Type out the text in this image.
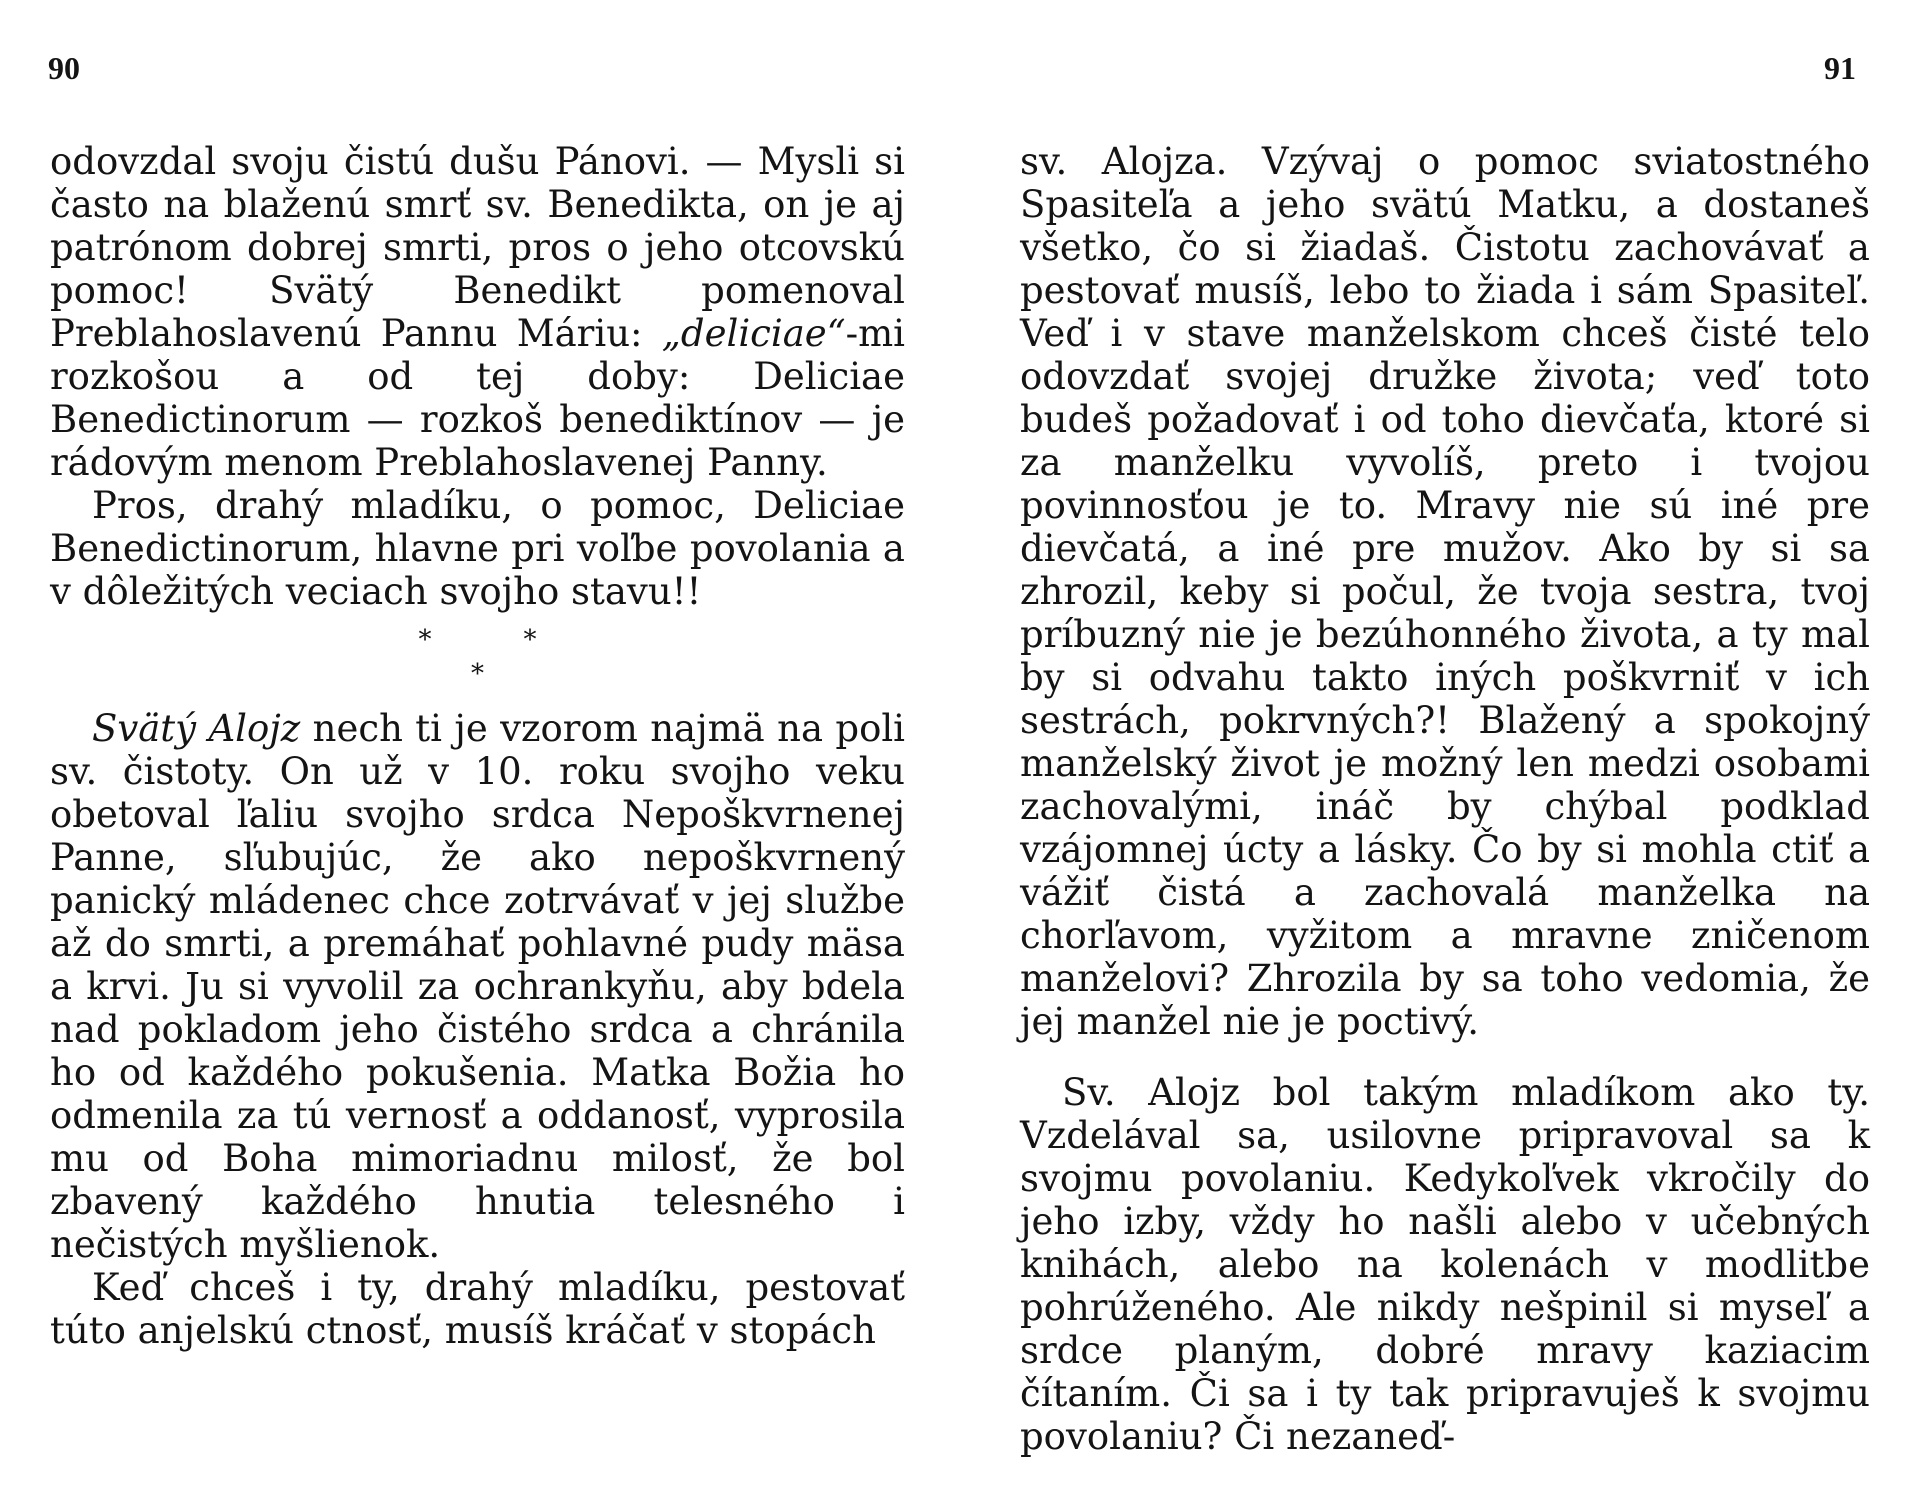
90	91

odovzdal svoju čistú dušu Pánovi. — Mysli si často na blaženú smrť sv. Benedikta, on je aj patrónom dobrej smrti, pros o jeho otcovskú pomoc! Svätý Benedikt pomenoval Preblahoslavenú Pannu Máriu: „deliciae“-mi rozkošou a od tej doby: Deliciae Benedictinorum — rozkoš benediktínov — je rádovým menom Preblahoslavenej Panny.

Pros, drahý mladíku, o pomoc, Deliciae Benedictinorum, hlavne pri voľbe povolania a v dôležitých veciach svojho stavu!!

*	*
*

Svätý Alojz nech ti je vzorom najmä na poli sv. čistoty. On už v 10. roku svojho veku obetoval ľaliu svojho srdca Nepoškvrnenej Panne, sľubujúc, že ako nepoškvrnený panický mládenec chce zotrvávať v jej službe až do smrti, a premáhať pohlavné pudy mäsa a krvi. Ju si vyvolil za ochrankyňu, aby bdela nad pokladom jeho čistého srdca a chránila ho od každého pokušenia. Matka Božia ho odmenila za tú vernosť a oddanosť, vyprosila mu od Boha mimoriadnu milosť, že bol zbavený každého hnutia telesného i nečistých myšlienok.

Keď chceš i ty, drahý mladíku, pestovať túto anjelskú ctnosť, musíš kráčať v stopách

sv. Alojza. Vzývaj o pomoc sviatostného Spasiteľa a jeho svätú Matku, a dostaneš všetko, čo si žiadaš. Čistotu zachovávať a pestovať musíš, lebo to žiada i sám Spasiteľ. Veď i v stave manželskom chceš čisté telo odovzdať svojej družke života; veď toto budeš požadovať i od toho dievčaťa, ktoré si za manželku vyvolíš, preto i tvojou povinnosťou je to. Mravy nie sú iné pre dievčatá, a iné pre mužov. Ako by si sa zhrozil, keby si počul, že tvoja sestra, tvoj príbuzný nie je bezúhonného života, a ty mal by si odvahu takto iných poškvrniť v ich sestrách, pokrvných?! Blažený a spokojný manželský život je možný len medzi osobami zachovalými, ináč by chýbal podklad vzájomnej úcty a lásky. Čo by si mohla ctiť a vážiť čistá a zachovalá manželka na chorľavom, vyžitom a mravne zničenom manželovi? Zhrozila by sa toho vedomia, že jej manžel nie je poctivý.

Sv. Alojz bol takým mladíkom ako ty. Vzdelával sa, usilovne pripravoval sa k svojmu povolaniu. Kedykoľvek vkročily do jeho izby, vždy ho našli alebo v učebných knihách, alebo na kolenách v modlitbe pohrúženého. Ale nikdy nešpinil si myseľ a srdce planým, dobré mravy kaziacim čítaním. Či sa i ty tak pripravuješ k svojmu povolaniu? Či nezaneď-
